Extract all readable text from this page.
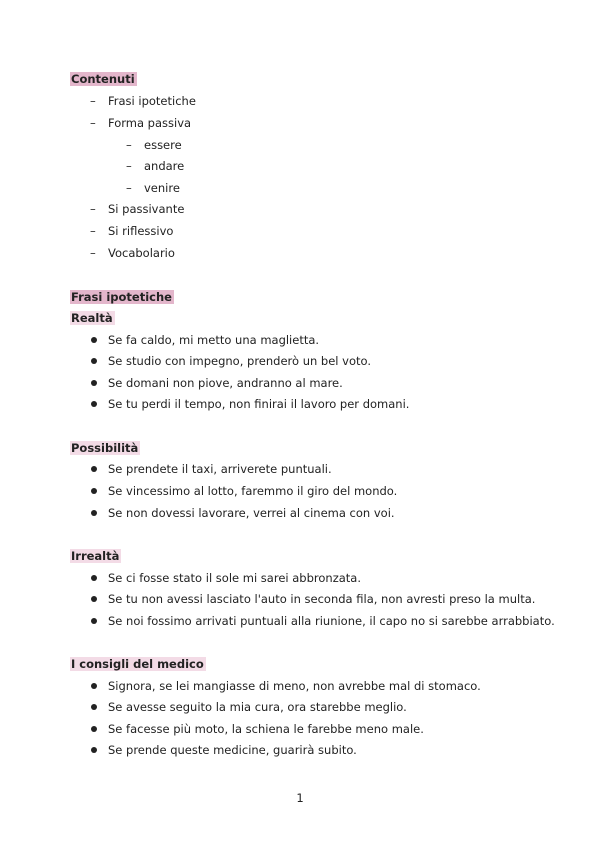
Contenuti
– Frasi ipotetiche
– Forma passiva
– essere
– andare
– venire
– Si passivante
– Si riflessivo
– Vocabolario
Frasi ipotetiche
Realtà
Se fa caldo, mi metto una maglietta.
Se studio con impegno, prenderò un bel voto.
Se domani non piove, andranno al mare.
Se tu perdi il tempo, non finirai il lavoro per domani.
Possibilità
Se prendete il taxi, arriverete puntuali.
Se vincessimo al lotto, faremmo il giro del mondo.
Se non dovessi lavorare, verrei al cinema con voi.
Irrealtà
Se ci fosse stato il sole mi sarei abbronzata.
Se tu non avessi lasciato l'auto in seconda fila, non avresti preso la multa.
Se noi fossimo arrivati puntuali alla riunione, il capo no si sarebbe arrabbiato.
I consigli del medico
Signora, se lei mangiasse di meno, non avrebbe mal di stomaco.
Se avesse seguito la mia cura, ora starebbe meglio.
Se facesse più moto, la schiena le farebbe meno male.
Se prende queste medicine, guarirà subito.
1
